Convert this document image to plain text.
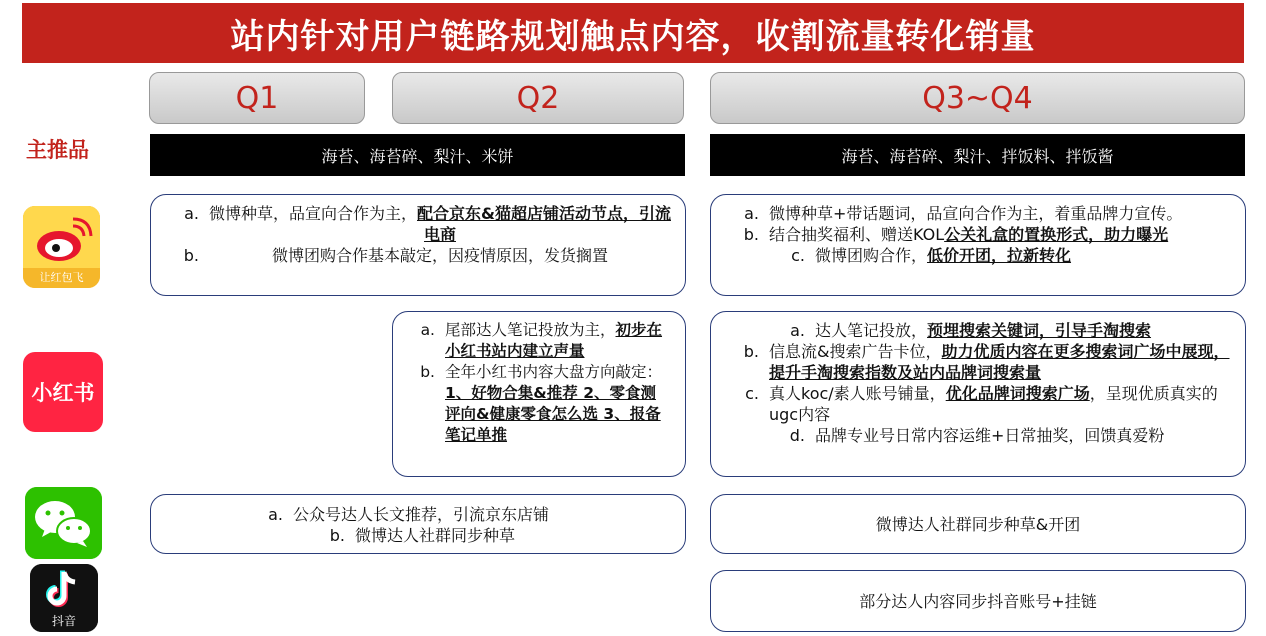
站内针对用户链路规划触点内容，收割流量转化销量
Q1	Q2	Q3~Q4
主推品	海苔、海苔碎、梨汁、米饼	海苔、海苔碎、梨汁、拌饭料、拌饭酱
让红包飞
a. 微博种草，品宣向合作为主，配合京东&猫超店铺活动节点，引流电商
b.	微博团购合作基本敲定，因疫情原因，发货搁置
a. 微博种草+带话题词，品宣向合作为主，着重品牌力宣传。
b. 结合抽奖福利、赠送KOL公关礼盒的置换形式，助力曝光
c. 微博团购合作，低价开团，拉新转化
小红书
a. 尾部达人笔记投放为主，初步在小红书站内建立声量
b. 全年小红书内容大盘方向敲定：1、好物合集&推荐 2、零食测评向&健康零食怎么选 3、报备笔记单推
a. 达人笔记投放，预埋搜索关键词，引导手淘搜索
b. 信息流&搜索广告卡位，助力优质内容在更多搜索词广场中展现，提升手淘搜索指数及站内品牌词搜索量
c. 真人koc/素人账号铺量，优化品牌词搜索广场，呈现优质真实的ugc内容
d. 品牌专业号日常内容运维+日常抽奖，回馈真爱粉
a. 公众号达人长文推荐，引流京东店铺
b. 微博达人社群同步种草
微博达人社群同步种草&开团
抖音
部分达人内容同步抖音账号+挂链
